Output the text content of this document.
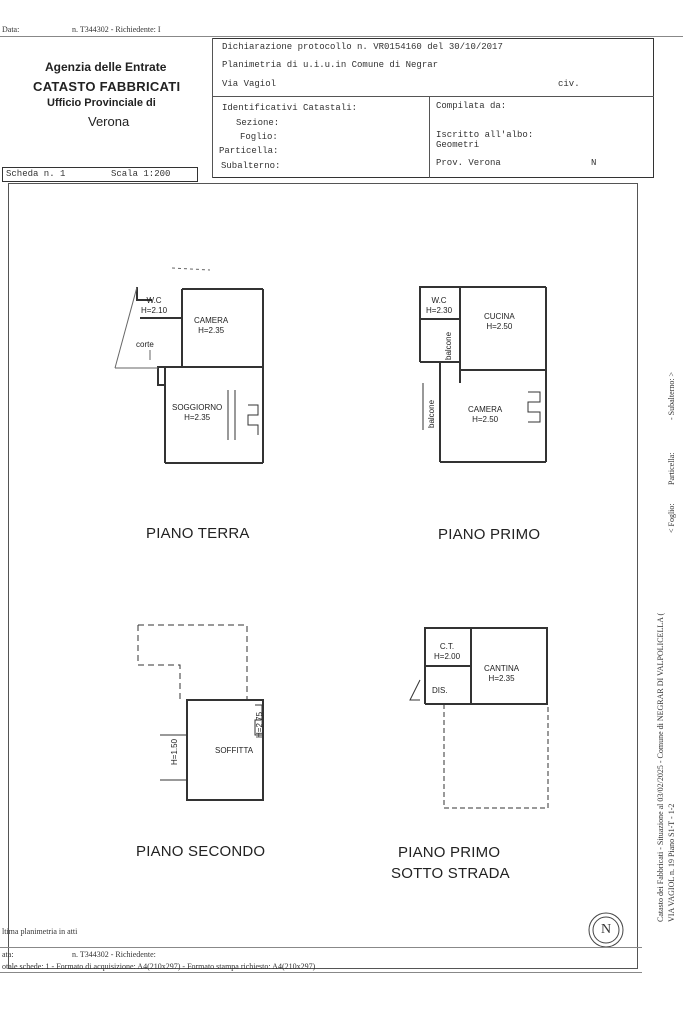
Data:	n. T344302 - Richiedente: I
Agenzia delle Entrate
CATASTO FABBRICATI
Ufficio Provinciale di
Verona
Dichiarazione protocollo n. VR0154160 del 30/10/2017
Planimetria di u.i.u.in Comune di Negrar
Via Vagiol	civ.
Identificativi Catastali:
Sezione:
Foglio:
Particella:
Subalterno:
Compilata da:
Iscritto all'albo:
Geometri
Prov. Verona	N
Scheda n. 1	Scala 1:200
W.C
H=2.10
CAMERA
H=2.35
corte
SOGGIORNO
H=2.35
W.C
H=2.30
CUCINA
H=2.50
balcone
balcone	CAMERA
H=2.50
H=1.50	SOFFITTA
H=2.75
C.T.
H=2.00
CANTINA
H=2.35
DIS.
PIANO TERRA	PIANO PRIMO
PIANO SECONDO	PIANO PRIMO
SOTTO STRADA
N
Catasto dei Fabbricati - Situazione al 03/02/2025 - Comune di NEGRAR DI VALPOLICELLA ( VIA VAGIOL n. 19 Piano S1-T - 1-2
< Foglio:
Particella:
- Subalterno: >
ltima planimetria in atti
ata:	n. T344302 - Richiedente:
otale schede: 1 - Formato di acquisizione: A4(210x297) - Formato stampa richiesto: A4(210x297)
